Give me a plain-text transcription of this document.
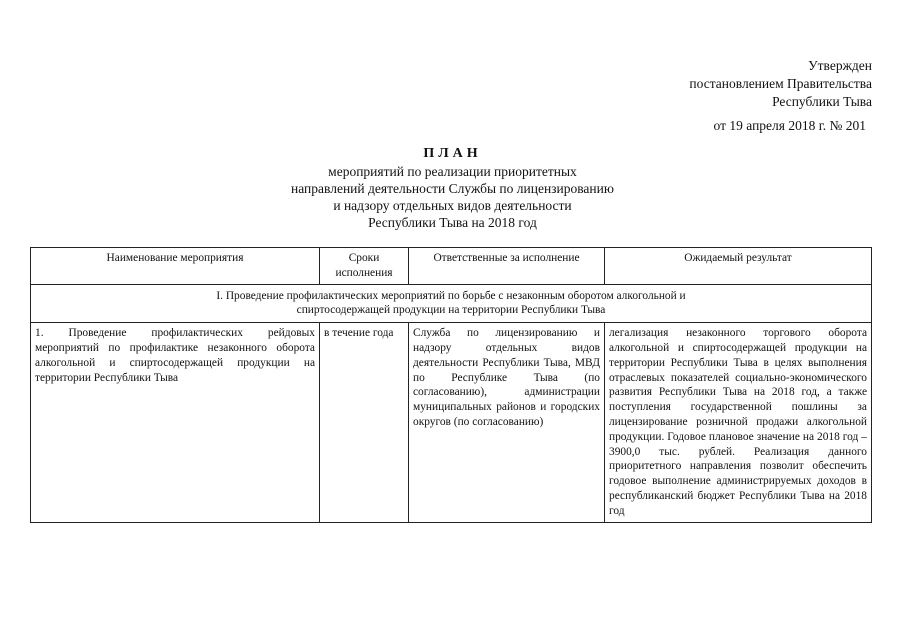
Утвержден
постановлением Правительства
Республики Тыва
от 19 апреля 2018 г. № 201
ПЛАН
мероприятий по реализации приоритетных
направлений деятельности Службы по лицензированию
и надзору отдельных видов деятельности
Республики Тыва на 2018 год
Наименование мероприятия	Сроки исполнения	Ответственные за исполнение	Ожидаемый результат
I. Проведение профилактических мероприятий по борьбе с незаконным оборотом алкогольной и спиртосодержащей продукции на территории Республики Тыва			
1. Проведение профилактических рейдовых мероприятий по профилактике незаконного оборота алкогольной и спиртосодержащей продукции на территории Республики Тыва	в течение года	Служба по лицензированию и надзору отдельных видов деятельности Республики Тыва, МВД по Республике Тыва (по согласованию), администрации муниципальных районов и городских округов (по согласованию)	легализация незаконного торгового оборота алкогольной и спиртосодержащей продукции на территории Республики Тыва в целях выполнения отраслевых показателей социально-экономического развития Республики Тыва на 2018 год, а также поступления государственной пошлины за лицензирование розничной продажи алкогольной продукции. Годовое плановое значение на 2018 год – 3900,0 тыс. рублей. Реализация данного приоритетного направления позволит обеспечить годовое выполнение администрируемых доходов в республиканский бюджет Республики Тыва на 2018 год
